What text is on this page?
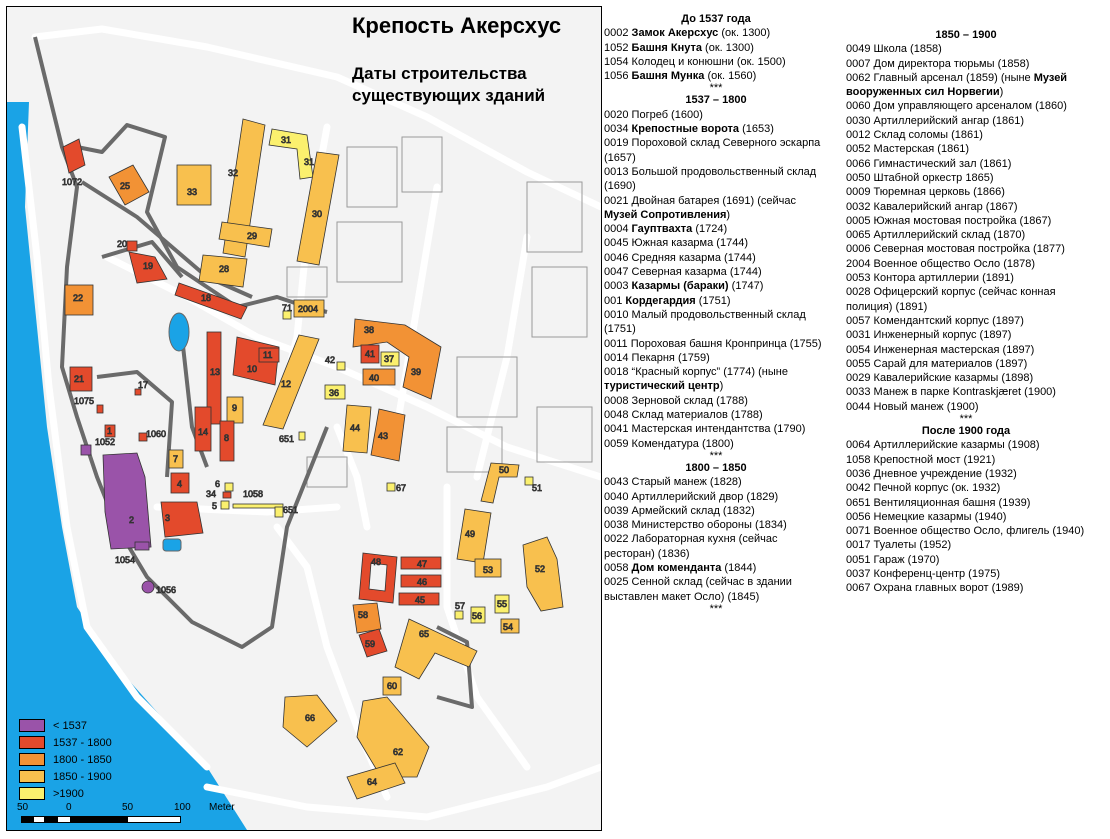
1072	25
33
32
31
31
30
29
28
20
19
18
22
2004
71
21
17
1075
13	10
11
12
14
9
8
1	1060
1052
7
4
2	3
6
34
5
1058
651
651
1054
1056
38
41 37
40
39
42
36
44
43
67
50
51
49
52
53
48	47
46
45
57
56
55
54
58
59
65
60
66
62
64
Крепость Акерсхус
Даты строительства существующих зданий
< 1537
1537 - 1800
1800 - 1850
1850 - 1900
>1900
50	0	50	100 Meter
До 1537 года
0002 Замок Акерсхус (ок. 1300)
1052 Башня Кнута (ок. 1300)
1054 Колодец и конюшни (ок. 1500)
1056 Башня Мунка (ок. 1560)
***
1537 – 1800
0020 Погреб (1600)
0034 Крепостные ворота (1653)
0019 Пороховой склад Северного эскарпа (1657)
0013 Большой продовольственный склад (1690)
0021 Двойная батарея (1691) (сейчас Музей Сопротивления)
0004 Гауптвахта (1724)
0045 Южная казарма (1744)
0046 Средняя казарма (1744)
0047 Северная казарма (1744)
0003 Казармы (бараки) (1747)
001 Кордегардия (1751)
0010 Малый продовольственный склад (1751)
0011 Пороховая башня Кронпринца (1755)
0014 Пекарня (1759)
0018 “Красный корпус” (1774) (ныне туристический центр)
0008 Зерновой склад (1788)
0048 Склад материалов (1788)
0041 Мастерская интендантства (1790)
0059 Комендатура (1800)
***
1800 – 1850
0043 Старый манеж (1828)
0040 Артиллерийский двор (1829)
0039 Армейский склад (1832)
0038 Министерство обороны (1834)
0022 Лабораторная кухня (сейчас ресторан) (1836)
0058 Дом коменданта (1844)
0025 Сенной склад (сейчас в здании выставлен макет Осло) (1845)
***
1850 – 1900
0049 Школа (1858)
0007 Дом директора тюрьмы (1858)
0062 Главный арсенал (1859) (ныне Музей вооруженных сил Норвегии)
0060 Дом управляющего арсеналом (1860)
0030 Артиллерийский ангар (1861)
0012 Склад соломы (1861)
0052 Мастерская (1861)
0066 Гимнастический зал (1861)
0050 Штабной оркестр 1865)
0009 Тюремная церковь (1866)
0032 Кавалерийский ангар (1867)
0005 Южная мостовая постройка (1867)
0065 Артиллерийский склад (1870)
0006 Северная мостовая постройка (1877)
2004 Военное общество Осло (1878)
0053 Контора артиллерии (1891)
0028 Офицерский корпус (сейчас конная полиция) (1891)
0057 Комендантский корпус (1897)
0031 Инженерный корпус (1897)
0054 Инженерная мастерская (1897)
0055 Сарай для материалов (1897)
0029 Кавалерийские казармы (1898)
0033 Манеж в парке Kontraskjæret (1900)
0044 Новый манеж (1900)
***
После 1900 года
0064 Артиллерийские казармы (1908)
1058 Крепостной мост (1921)
0036 Дневное учреждение (1932)
0042 Печной корпус (ок. 1932)
0651 Вентиляционная башня (1939)
0056 Немецкие казармы (1940)
0071 Военное общество Осло, флигель (1940)
0017 Туалеты (1952)
0051 Гараж (1970)
0037 Конференц-центр (1975)
0067 Охрана главных ворот (1989)
